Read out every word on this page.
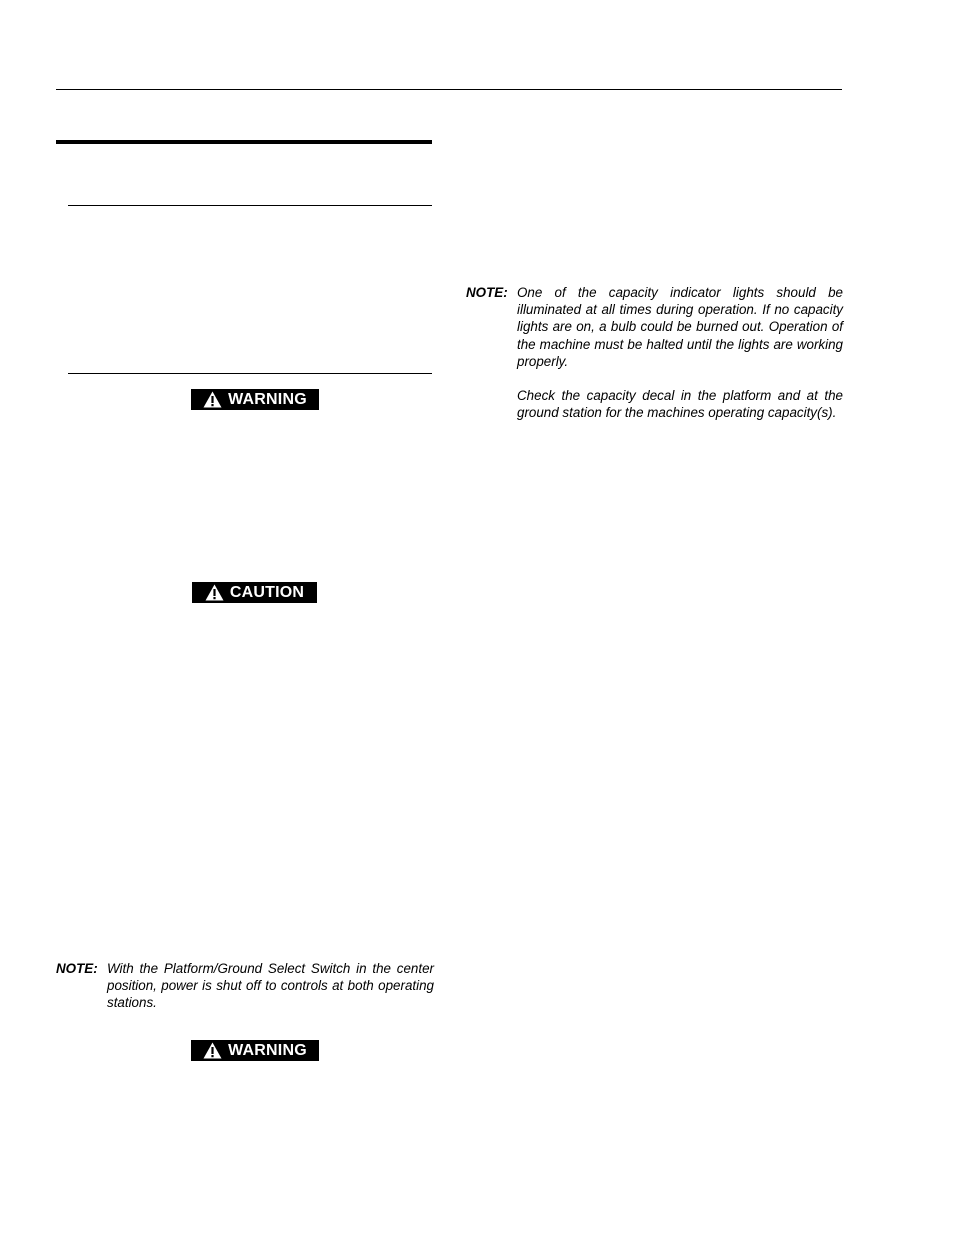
WARNING
CAUTION
WARNING
NOTE: One of the capacity indicator lights should be illuminated at all times during operation. If no capacity lights are on, a bulb could be burned out. Operation of the machine must be halted until the lights are working properly.

Check the capacity decal in the platform and at the ground station for the machines operating capacity(s).

NOTE: With the Platform/Ground Select Switch in the center position, power is shut off to controls at both operating stations.
